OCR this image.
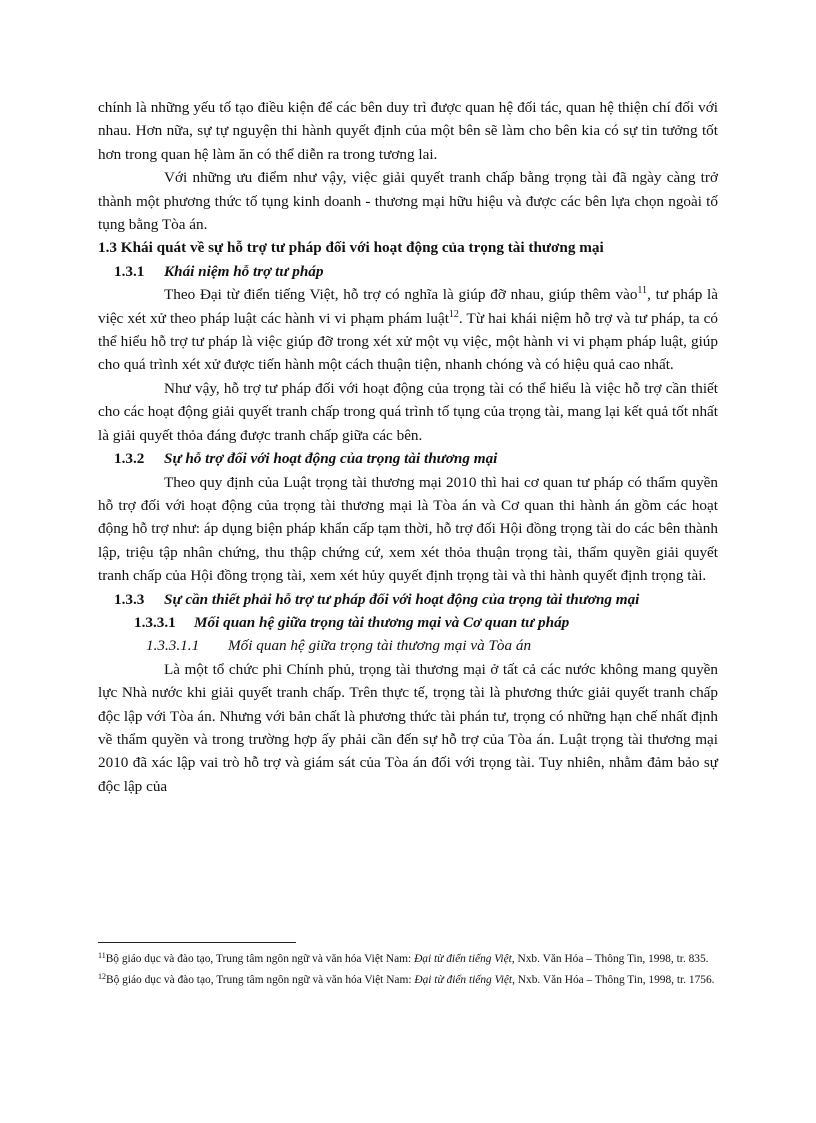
chính là những yếu tố tạo điều kiện để các bên duy trì được quan hệ đối tác, quan hệ thiện chí đối với nhau. Hơn nữa, sự tự nguyện thi hành quyết định của một bên sẽ làm cho bên kia có sự tin tưởng tốt hơn trong quan hệ làm ăn có thể diễn ra trong tương lai.

Với những ưu điểm như vậy, việc giải quyết tranh chấp bằng trọng tài đã ngày càng trở thành một phương thức tố tụng kinh doanh - thương mại hữu hiệu và được các bên lựa chọn ngoài tố tụng bằng Tòa án.

1.3 Khái quát về sự hỗ trợ tư pháp đối với hoạt động của trọng tài thương mại

1.3.1 Khái niệm hỗ trợ tư pháp

Theo Đại từ điển tiếng Việt, hỗ trợ có nghĩa là giúp đỡ nhau, giúp thêm vào$^{11}$, tư pháp là việc xét xử theo pháp luật các hành vi vi phạm phám luật$^{12}$. Từ hai khái niệm hỗ trợ và tư pháp, ta có thể hiểu hỗ trợ tư pháp là việc giúp đỡ trong xét xử một vụ việc, một hành vi vi phạm pháp luật, giúp cho quá trình xét xử được tiến hành một cách thuận tiện, nhanh chóng và có hiệu quả cao nhất.

Như vậy, hỗ trợ tư pháp đối với hoạt động của trọng tài có thể hiểu là việc hỗ trợ cần thiết cho các hoạt động giải quyết tranh chấp trong quá trình tố tụng của trọng tài, mang lại kết quả tốt nhất là giải quyết thỏa đáng được tranh chấp giữa các bên.

1.3.2 Sự hỗ trợ đối với hoạt động của trọng tài thương mại

Theo quy định của Luật trọng tài thương mại 2010 thì hai cơ quan tư pháp có thẩm quyền hỗ trợ đối với hoạt động của trọng tài thương mại là Tòa án và Cơ quan thi hành án gồm các hoạt động hỗ trợ như: áp dụng biện pháp khẩn cấp tạm thời, hỗ trợ đối Hội đồng trọng tài do các bên thành lập, triệu tập nhân chứng, thu thập chứng cứ, xem xét thỏa thuận trọng tài, thẩm quyền giải quyết tranh chấp của Hội đồng trọng tài, xem xét hủy quyết định trọng tài và thi hành quyết định trọng tài.

1.3.3	Sự cần thiết phải hỗ trợ tư pháp đối với hoạt động của trọng tài thương mại

1.3.3.1 Mối quan hệ giữa trọng tài thương mại và Cơ quan tư pháp

1.3.3.1.1 Mối quan hệ giữa trọng tài thương mại và Tòa án

Là một tổ chức phi Chính phủ, trọng tài thương mại ở tất cả các nước không mang quyền lực Nhà nước khi giải quyết tranh chấp. Trên thực tế, trọng tài là phương thức giải quyết tranh chấp độc lập với Tòa án. Nhưng với bản chất là phương thức tài phán tư, trọng có những hạn chế nhất định về thẩm quyền và trong trường hợp ấy phải cần đến sự hỗ trợ của Tòa án. Luật trọng tài thương mại 2010 đã xác lập vai trò hỗ trợ và giám sát của Tòa án đối với trọng tài. Tuy nhiên, nhằm đảm bảo sự độc lập của

$^{11}$Bộ giáo dục và đào tạo, Trung tâm ngôn ngữ và văn hóa Việt Nam: Đại từ điển tiếng Việt, Nxb. Văn Hóa – Thông Tin, 1998, tr. 835.

$^{12}$Bộ giáo dục và đào tạo, Trung tâm ngôn ngữ và văn hóa Việt Nam: Đại từ điển tiếng Việt, Nxb. Văn Hóa – Thông Tin, 1998, tr. 1756.
